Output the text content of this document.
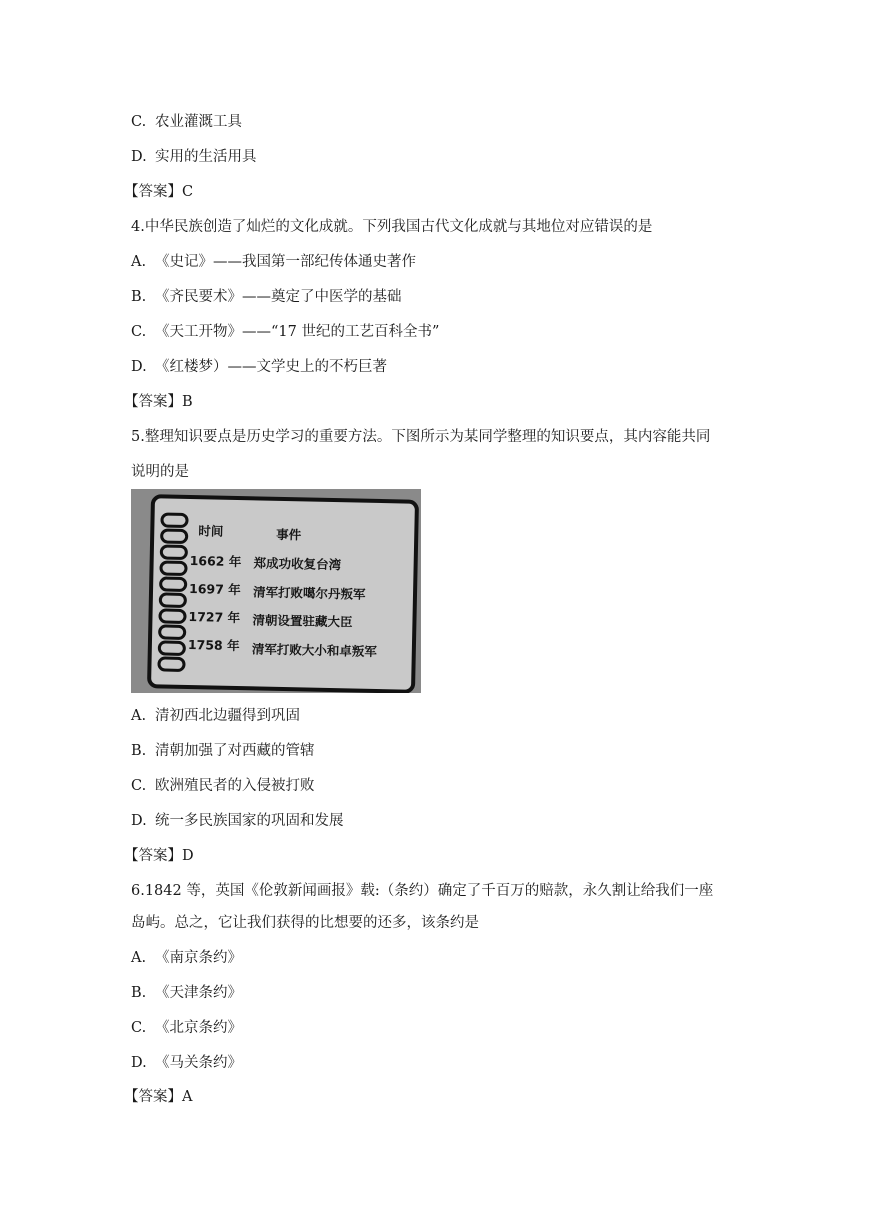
C. 农业灌溉工具
D. 实用的生活用具
【答案】C
4.中华民族创造了灿烂的文化成就。下列我国古代文化成就与其地位对应错误的是
A. 《史记》——我国第一部纪传体通史著作
B. 《齐民要术》——奠定了中医学的基础
C. 《天工开物》——“17 世纪的工艺百科全书”
D. 《红楼梦）——文学史上的不朽巨著
【答案】B
5.整理知识要点是历史学习的重要方法。下图所示为某同学整理的知识要点，其内容能共同
说明的是
时间	事件
1662 年 郑成功收复台湾
1697 年 清军打败噶尔丹叛军
1727 年 清朝设置驻藏大臣
1758 年 清军打败大小和卓叛军
A. 清初西北边疆得到巩固
B. 清朝加强了对西藏的管辖
C. 欧洲殖民者的入侵被打败
D. 统一多民族国家的巩固和发展
【答案】D
6.1842 等，英国《伦敦新闻画报》载:（条约）确定了千百万的赔款，永久割让给我们一座
岛屿。总之，它让我们获得的比想要的还多，该条约是
A. 《南京条约》
B. 《天津条约》
C. 《北京条约》
D. 《马关条约》
【答案】A
